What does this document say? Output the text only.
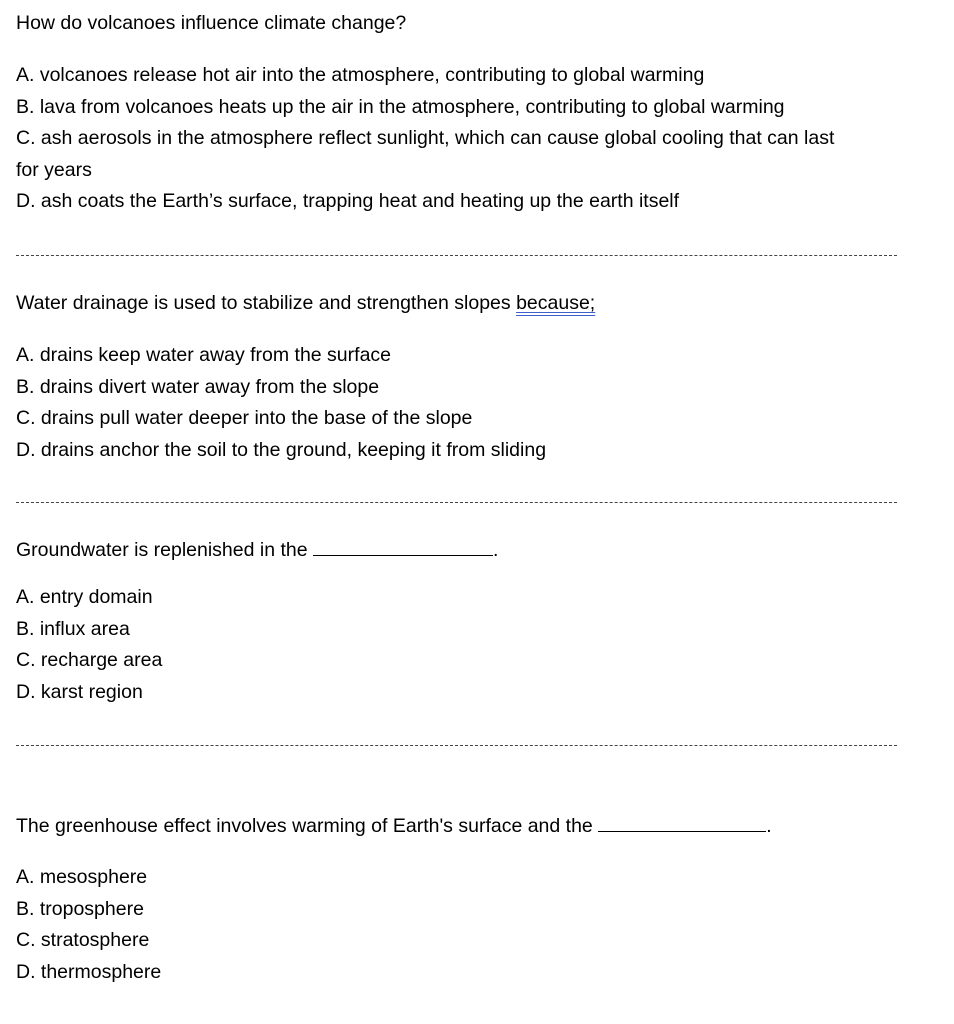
How do volcanoes influence climate change?
A. volcanoes release hot air into the atmosphere, contributing to global warming
B. lava from volcanoes heats up the air in the atmosphere, contributing to global warming
C. ash aerosols in the atmosphere reflect sunlight, which can cause global cooling that can last
for years
D. ash coats the Earth’s surface, trapping heat and heating up the earth itself
Water drainage is used to stabilize and strengthen slopes because;
A. drains keep water away from the surface
B. drains divert water away from the slope
C. drains pull water deeper into the base of the slope
D. drains anchor the soil to the ground, keeping it from sliding
Groundwater is replenished in the	.
A. entry domain
B. influx area
C. recharge area
D. karst region
The greenhouse effect involves warming of Earth's surface and the	.
A. mesosphere
B. troposphere
C. stratosphere
D. thermosphere
